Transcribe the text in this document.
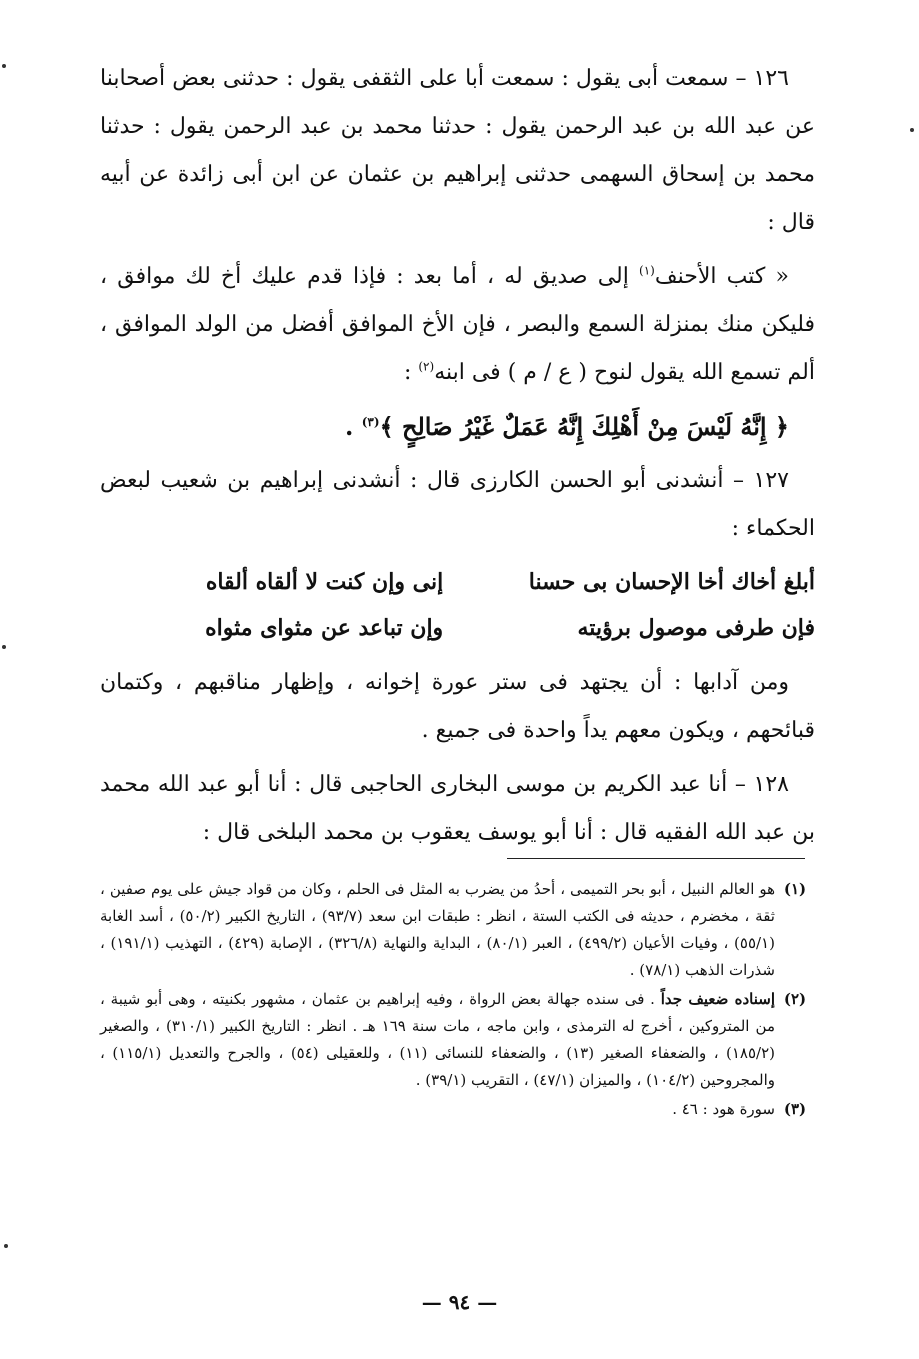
١٢٦ – سمعت أبى يقول : سمعت أبا على الثقفى يقول : حدثنى بعض أصحابنا عن عبد الله بن عبد الرحمن يقول : حدثنا محمد بن عبد الرحمن يقول : حدثنا محمد بن إسحاق السهمى حدثنى إبراهيم بن عثمان عن ابن أبى زائدة عن أبيه قال :

« كتب الأحنف$^{(١)}$ إلى صديق له ، أما بعد : فإذا قدم عليك أخ لك موافق ، فليكن منك بمنزلة السمع والبصر ، فإن الأخ الموافق أفضل من الولد الموافق ، ألم تسمع الله يقول لنوح ( ع / م ) فى ابنه$^{(٢)}$ :

﴿ إِنَّهُ لَيْسَ مِنْ أَهْلِكَ إِنَّهُ عَمَلٌ غَيْرُ صَالِحٍ ﴾$^{(٣)}$ .

١٢٧ – أنشدنى أبو الحسن الكارزى قال : أنشدنى إبراهيم بن شعيب لبعض الحكماء :

أبلغ أخاك أخا الإحسان بى حسنا
إنى وإن كنت لا ألقاه ألقاه
فإن طرفى موصول برؤيته
وإن تباعد عن مثواى مثواه

ومن آدابها : أن يجتهد فى ستر عورة إخوانه ، وإظهار مناقبهم ، وكتمان قبائحهم ، ويكون معهم يداً واحدة فى جميع .

١٢٨ – أنا عبد الكريم بن موسى البخارى الحاجبى قال : أنا أبو عبد الله محمد بن عبد الله الفقيه قال : أنا أبو يوسف يعقوب بن محمد البلخى قال :

(١)
هو العالم النبيل ، أبو بحر التميمى ، أحدُ من يضرب به المثل فى الحلم ، وكان من قواد جيش على يوم صفين ، ثقة ، مخضرم ، حديثه فى الكتب الستة ، انظر : طبقات ابن سعد (٩٣/٧) ، التاريخ الكبير (٥٠/٢) ، أسد الغابة (٥٥/١) ، وفيات الأعيان (٤٩٩/٢) ، العبر (٨٠/١) ، البداية والنهاية (٣٢٦/٨) ، الإصابة (٤٢٩) ، التهذيب (١٩١/١) ، شذرات الذهب (٧٨/١) .
(٢)
إسناده ضعيف جداً . فى سنده جهالة بعض الرواة ، وفيه إبراهيم بن عثمان ، مشهور بكنيته ، وهى أبو شيبة ، من المتروكين ، أخرج له الترمذى ، وابن ماجه ، مات سنة ١٦٩ هـ . انظر : التاريخ الكبير (٣١٠/١) ، والصغير (١٨٥/٢) ، والضعفاء الصغير (١٣) ، والضعفاء للنسائى (١١) ، وللعقيلى (٥٤) ، والجرح والتعديل (١١٥/١) ، والمجروحين (١٠٤/٢) ، والميزان (٤٧/١) ، التقريب (٣٩/١) .
(٣)
سورة هود : ٤٦ .
— ٩٤ —
